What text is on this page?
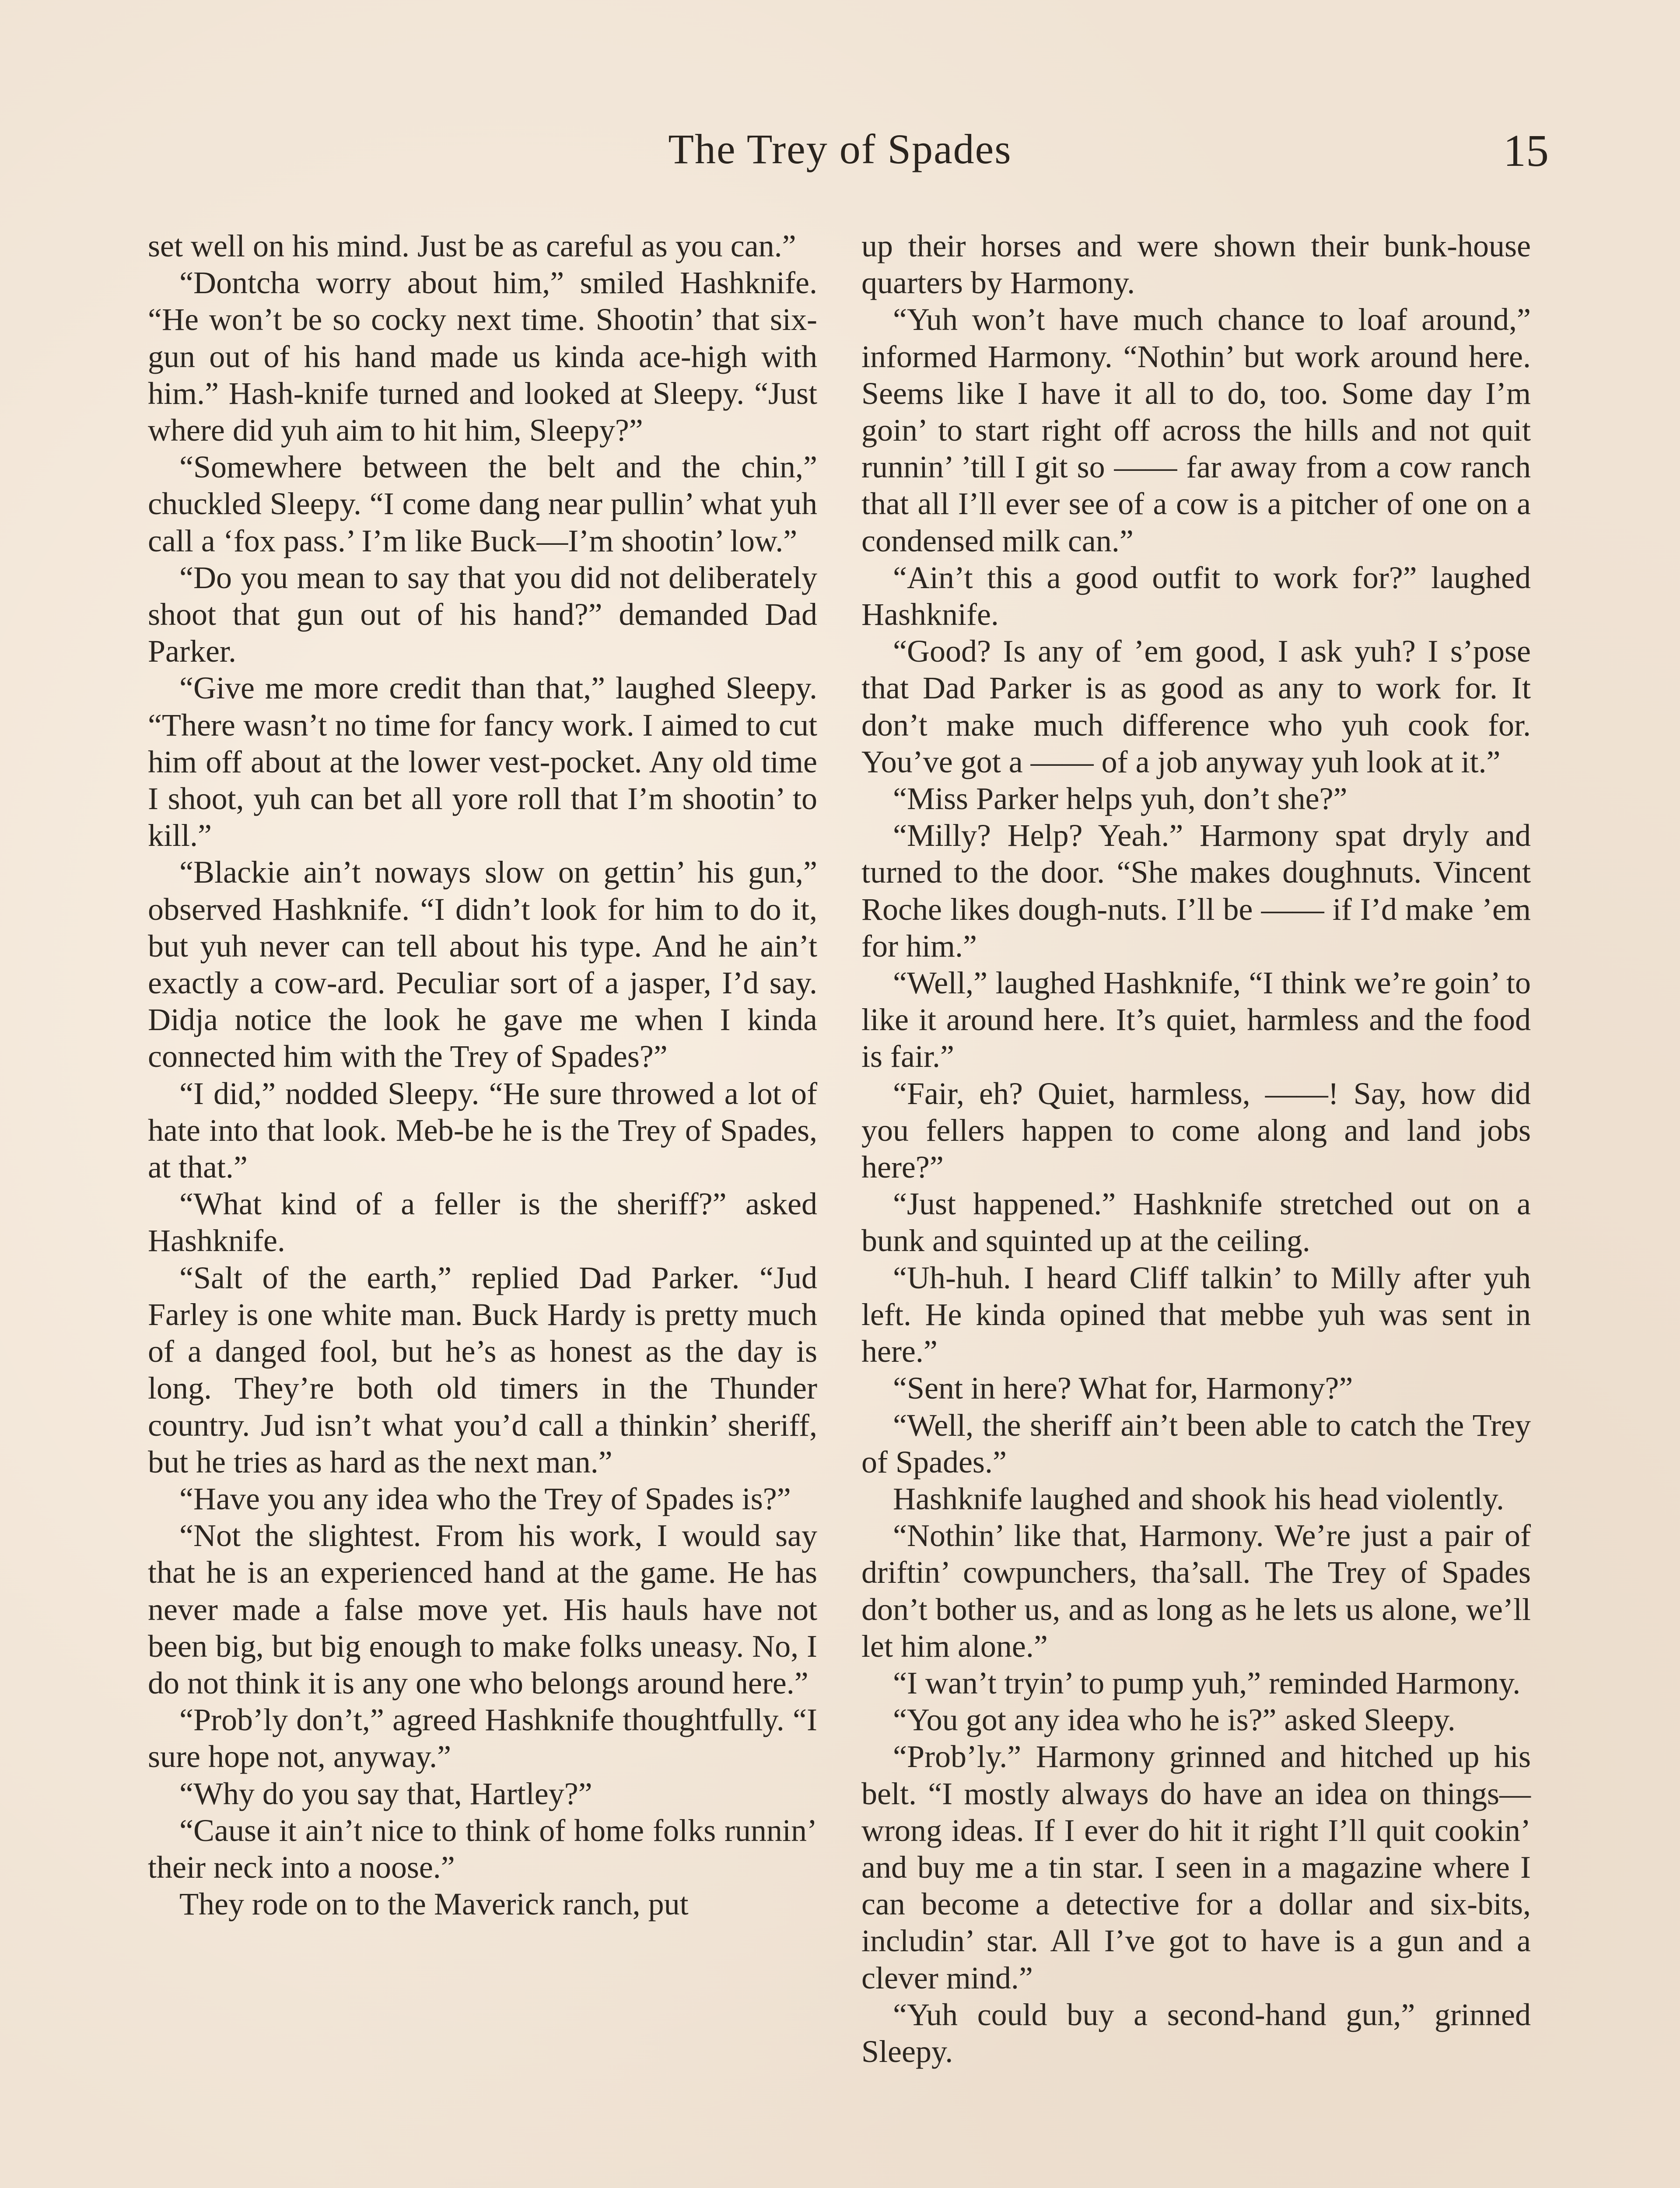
The Trey of Spades	15

set well on his mind. Just be as careful as you can.”

“Dontcha worry about him,” smiled Hashknife. “He won’t be so cocky next time. Shootin’ that six-gun out of his hand made us kinda ace-high with him.” Hash-knife turned and looked at Sleepy. “Just where did yuh aim to hit him, Sleepy?”

“Somewhere between the belt and the chin,” chuckled Sleepy. “I come dang near pullin’ what yuh call a ‘fox pass.’ I’m like Buck—I’m shootin’ low.”

“Do you mean to say that you did not deliberately shoot that gun out of his hand?” demanded Dad Parker.

“Give me more credit than that,” laughed Sleepy. “There wasn’t no time for fancy work. I aimed to cut him off about at the lower vest-pocket. Any old time I shoot, yuh can bet all yore roll that I’m shootin’ to kill.”

“Blackie ain’t noways slow on gettin’ his gun,” observed Hashknife. “I didn’t look for him to do it, but yuh never can tell about his type. And he ain’t exactly a cow-ard. Peculiar sort of a jasper, I’d say. Didja notice the look he gave me when I kinda connected him with the Trey of Spades?”

“I did,” nodded Sleepy. “He sure throwed a lot of hate into that look. Meb-be he is the Trey of Spades, at that.”

“What kind of a feller is the sheriff?” asked Hashknife.

“Salt of the earth,” replied Dad Parker. “Jud Farley is one white man. Buck Hardy is pretty much of a danged fool, but he’s as honest as the day is long. They’re both old timers in the Thunder country. Jud isn’t what you’d call a thinkin’ sheriff, but he tries as hard as the next man.”

“Have you any idea who the Trey of Spades is?”

“Not the slightest. From his work, I would say that he is an experienced hand at the game. He has never made a false move yet. His hauls have not been big, but big enough to make folks uneasy. No, I do not think it is any one who belongs around here.”

“Prob’ly don’t,” agreed Hashknife thoughtfully. “I sure hope not, anyway.”

“Why do you say that, Hartley?”

“Cause it ain’t nice to think of home folks runnin’ their neck into a noose.”

They rode on to the Maverick ranch, put

up their horses and were shown their bunk-house quarters by Harmony.

“Yuh won’t have much chance to loaf around,” informed Harmony. “Nothin’ but work around here. Seems like I have it all to do, too. Some day I’m goin’ to start right off across the hills and not quit runnin’ ’till I git so —— far away from a cow ranch that all I’ll ever see of a cow is a pitcher of one on a condensed milk can.”

“Ain’t this a good outfit to work for?” laughed Hashknife.

“Good? Is any of ’em good, I ask yuh? I s’pose that Dad Parker is as good as any to work for. It don’t make much difference who yuh cook for. You’ve got a —— of a job anyway yuh look at it.”

“Miss Parker helps yuh, don’t she?”

“Milly? Help? Yeah.” Harmony spat dryly and turned to the door. “She makes doughnuts. Vincent Roche likes dough-nuts. I’ll be —— if I’d make ’em for him.”

“Well,” laughed Hashknife, “I think we’re goin’ to like it around here. It’s quiet, harmless and the food is fair.”

“Fair, eh? Quiet, harmless, ——! Say, how did you fellers happen to come along and land jobs here?”

“Just happened.” Hashknife stretched out on a bunk and squinted up at the ceiling.

“Uh-huh. I heard Cliff talkin’ to Milly after yuh left. He kinda opined that mebbe yuh was sent in here.”

“Sent in here? What for, Harmony?”

“Well, the sheriff ain’t been able to catch the Trey of Spades.”

Hashknife laughed and shook his head violently.

“Nothin’ like that, Harmony. We’re just a pair of driftin’ cowpunchers, tha’sall. The Trey of Spades don’t bother us, and as long as he lets us alone, we’ll let him alone.”

“I wan’t tryin’ to pump yuh,” reminded Harmony.

“You got any idea who he is?” asked Sleepy.

“Prob’ly.” Harmony grinned and hitched up his belt. “I mostly always do have an idea on things—wrong ideas. If I ever do hit it right I’ll quit cookin’ and buy me a tin star. I seen in a magazine where I can become a detective for a dollar and six-bits, includin’ star. All I’ve got to have is a gun and a clever mind.”

“Yuh could buy a second-hand gun,” grinned Sleepy.
